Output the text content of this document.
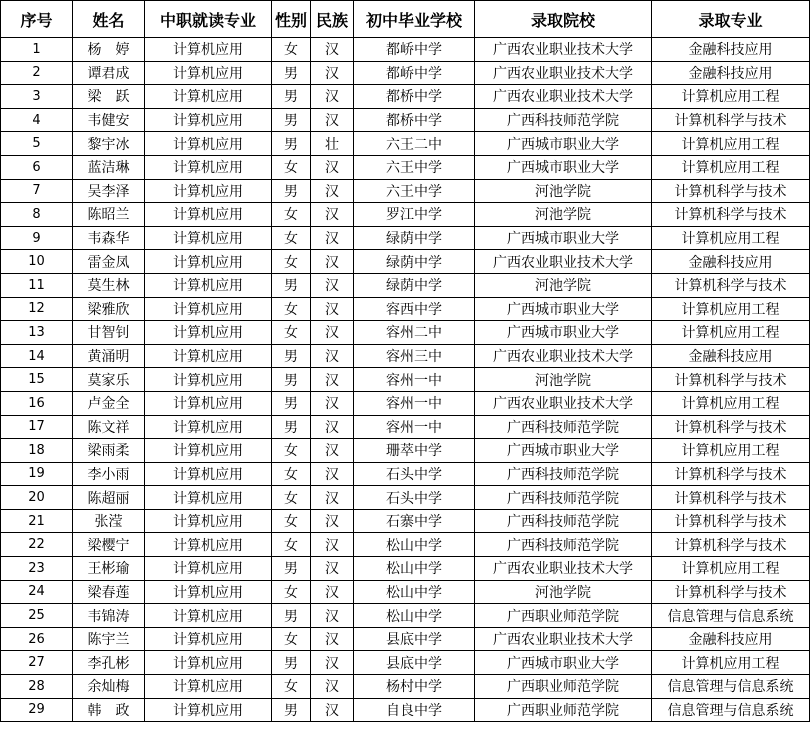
序号	姓名	中职就读专业	性别	民族	初中毕业学校	录取院校	录取专业
1	杨　婷	计算机应用	女	汉	都峤中学	广西农业职业技术大学	金融科技应用
2	谭君成	计算机应用	男	汉	都峤中学	广西农业职业技术大学	金融科技应用
3	梁　跃	计算机应用	男	汉	都桥中学	广西农业职业技术大学	计算机应用工程
4	韦健安	计算机应用	男	汉	都桥中学	广西科技师范学院	计算机科学与技术
5	黎宇冰	计算机应用	男	壮	六王二中	广西城市职业大学	计算机应用工程
6	蓝洁琳	计算机应用	女	汉	六王中学	广西城市职业大学	计算机应用工程
7	吴李泽	计算机应用	男	汉	六王中学	河池学院	计算机科学与技术
8	陈昭兰	计算机应用	女	汉	罗江中学	河池学院	计算机科学与技术
9	韦森华	计算机应用	女	汉	绿荫中学	广西城市职业大学	计算机应用工程
10	雷金凤	计算机应用	女	汉	绿荫中学	广西农业职业技术大学	金融科技应用
11	莫生林	计算机应用	男	汉	绿荫中学	河池学院	计算机科学与技术
12	梁雅欣	计算机应用	女	汉	容西中学	广西城市职业大学	计算机应用工程
13	甘智钊	计算机应用	女	汉	容州二中	广西城市职业大学	计算机应用工程
14	黄涌明	计算机应用	男	汉	容州三中	广西农业职业技术大学	金融科技应用
15	莫家乐	计算机应用	男	汉	容州一中	河池学院	计算机科学与技术
16	卢金全	计算机应用	男	汉	容州一中	广西农业职业技术大学	计算机应用工程
17	陈文祥	计算机应用	男	汉	容州一中	广西科技师范学院	计算机科学与技术
18	梁雨柔	计算机应用	女	汉	珊萃中学	广西城市职业大学	计算机应用工程
19	李小雨	计算机应用	女	汉	石头中学	广西科技师范学院	计算机科学与技术
20	陈超丽	计算机应用	女	汉	石头中学	广西科技师范学院	计算机科学与技术
21	张滢	计算机应用	女	汉	石寨中学	广西科技师范学院	计算机科学与技术
22	梁樱宁	计算机应用	女	汉	松山中学	广西科技师范学院	计算机科学与技术
23	王彬瑜	计算机应用	男	汉	松山中学	广西农业职业技术大学	计算机应用工程
24	梁春莲	计算机应用	女	汉	松山中学	河池学院	计算机科学与技术
25	韦锦涛	计算机应用	男	汉	松山中学	广西职业师范学院	信息管理与信息系统
26	陈宇兰	计算机应用	女	汉	县底中学	广西农业职业技术大学	金融科技应用
27	李孔彬	计算机应用	男	汉	县底中学	广西城市职业大学	计算机应用工程
28	余灿梅	计算机应用	女	汉	杨村中学	广西职业师范学院	信息管理与信息系统
29	韩　政	计算机应用	男	汉	自良中学	广西职业师范学院	信息管理与信息系统
